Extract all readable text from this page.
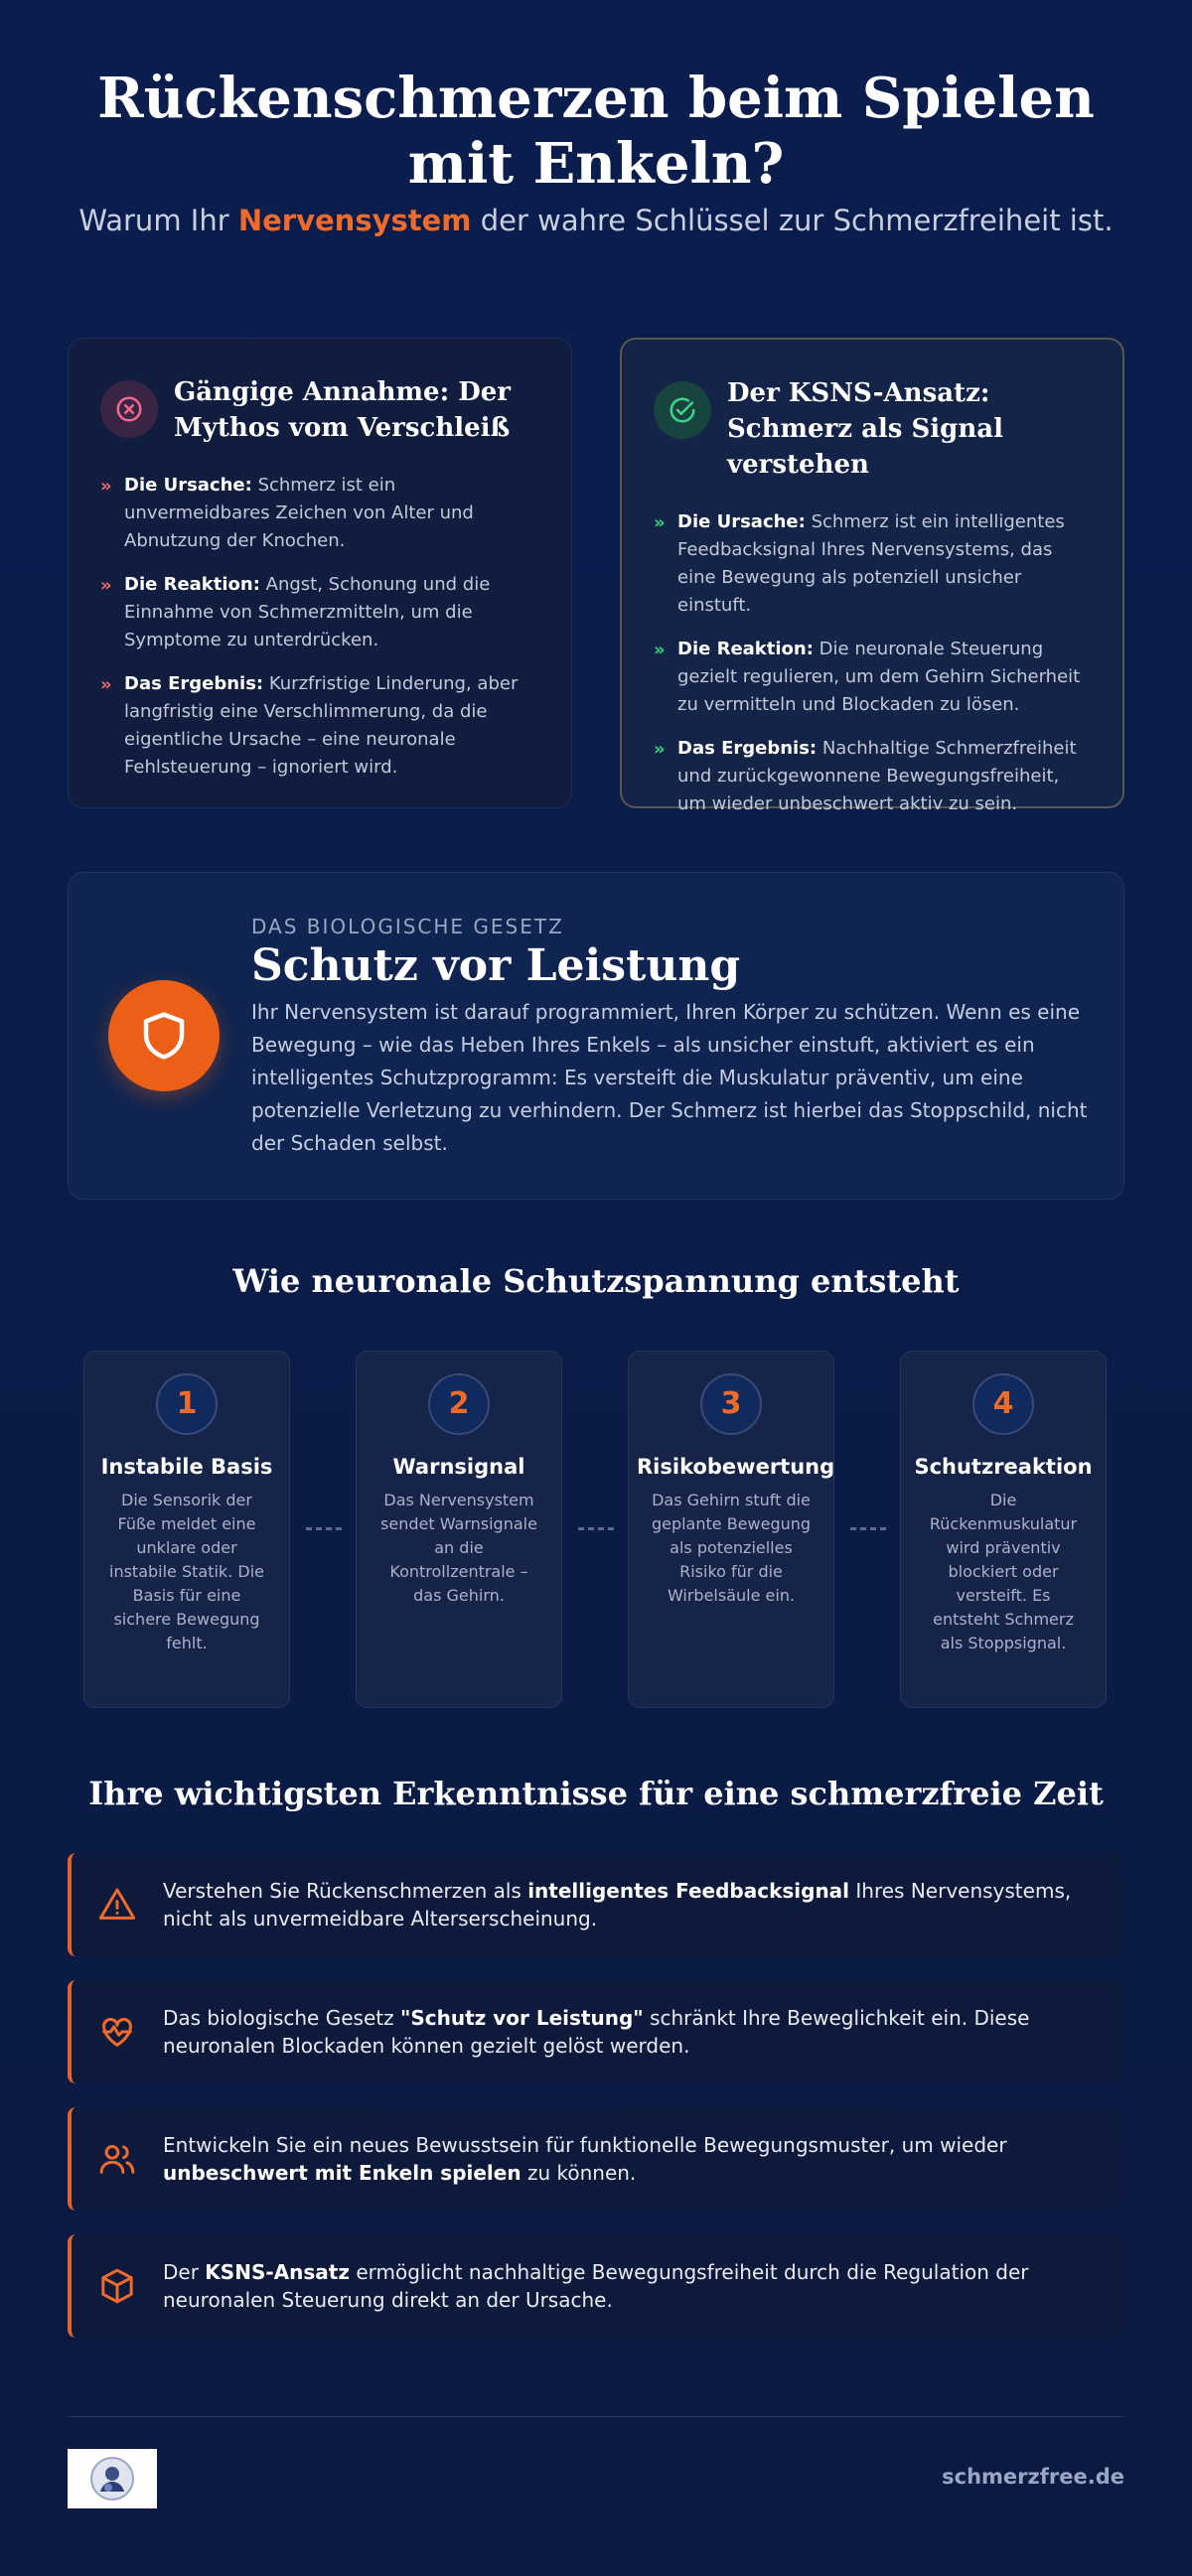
Rückenschmerzen beim Spielen mit Enkeln?

Warum Ihr Nervensystem der wahre Schlüssel zur Schmerzfreiheit ist.

Gängige Annahme: Der Mythos vom Verschleiß
» Die Ursache: Schmerz ist ein unvermeidbares Zeichen von Alter und Abnutzung der Knochen.
» Die Reaktion: Angst, Schonung und die Einnahme von Schmerzmitteln, um die Symptome zu unterdrücken.
» Das Ergebnis: Kurzfristige Linderung, aber langfristig eine Verschlimmerung, da die eigentliche Ursache – eine neuronale Fehlsteuerung – ignoriert wird.
Der KSNS-Ansatz: Schmerz als Signal verstehen
» Die Ursache: Schmerz ist ein intelligentes Feedbacksignal Ihres Nervensystems, das eine Bewegung als potenziell unsicher einstuft.
» Die Reaktion: Die neuronale Steuerung gezielt regulieren, um dem Gehirn Sicherheit zu vermitteln und Blockaden zu lösen.
» Das Ergebnis: Nachhaltige Schmerzfreiheit und zurückgewonnene Bewegungsfreiheit, um wieder unbeschwert aktiv zu sein.
DAS BIOLOGISCHE GESETZ
Schutz vor Leistung

Ihr Nervensystem ist darauf programmiert, Ihren Körper zu schützen. Wenn es eine Bewegung – wie das Heben Ihres Enkels – als unsicher einstuft, aktiviert es ein intelligentes Schutzprogramm: Es versteift die Muskulatur präventiv, um eine potenzielle Verletzung zu verhindern. Der Schmerz ist hierbei das Stoppschild, nicht der Schaden selbst.

Wie neuronale Schutzspannung entsteht
1
Instabile Basis
Die Sensorik der Füße meldet eine unklare oder instabile Statik. Die Basis für eine sichere Bewegung fehlt.
2
Warnsignal
Das Nervensystem sendet Warnsignale an die Kontrollzentrale – das Gehirn.
3
Risikobewertung
Das Gehirn stuft die geplante Bewegung als potenzielles Risiko für die Wirbelsäule ein.
4
Schutzreaktion
Die Rückenmuskulatur wird präventiv blockiert oder versteift. Es entsteht Schmerz als Stoppsignal.
Ihre wichtigsten Erkenntnisse für eine schmerzfreie Zeit

Verstehen Sie Rückenschmerzen als intelligentes Feedbacksignal Ihres Nervensystems, nicht als unvermeidbare Alterserscheinung.

Das biologische Gesetz "Schutz vor Leistung" schränkt Ihre Beweglichkeit ein. Diese neuronalen Blockaden können gezielt gelöst werden.

Entwickeln Sie ein neues Bewusstsein für funktionelle Bewegungsmuster, um wieder unbeschwert mit Enkeln spielen zu können.

Der KSNS-Ansatz ermöglicht nachhaltige Bewegungsfreiheit durch die Regulation der neuronalen Steuerung direkt an der Ursache.

schmerzfree.de
